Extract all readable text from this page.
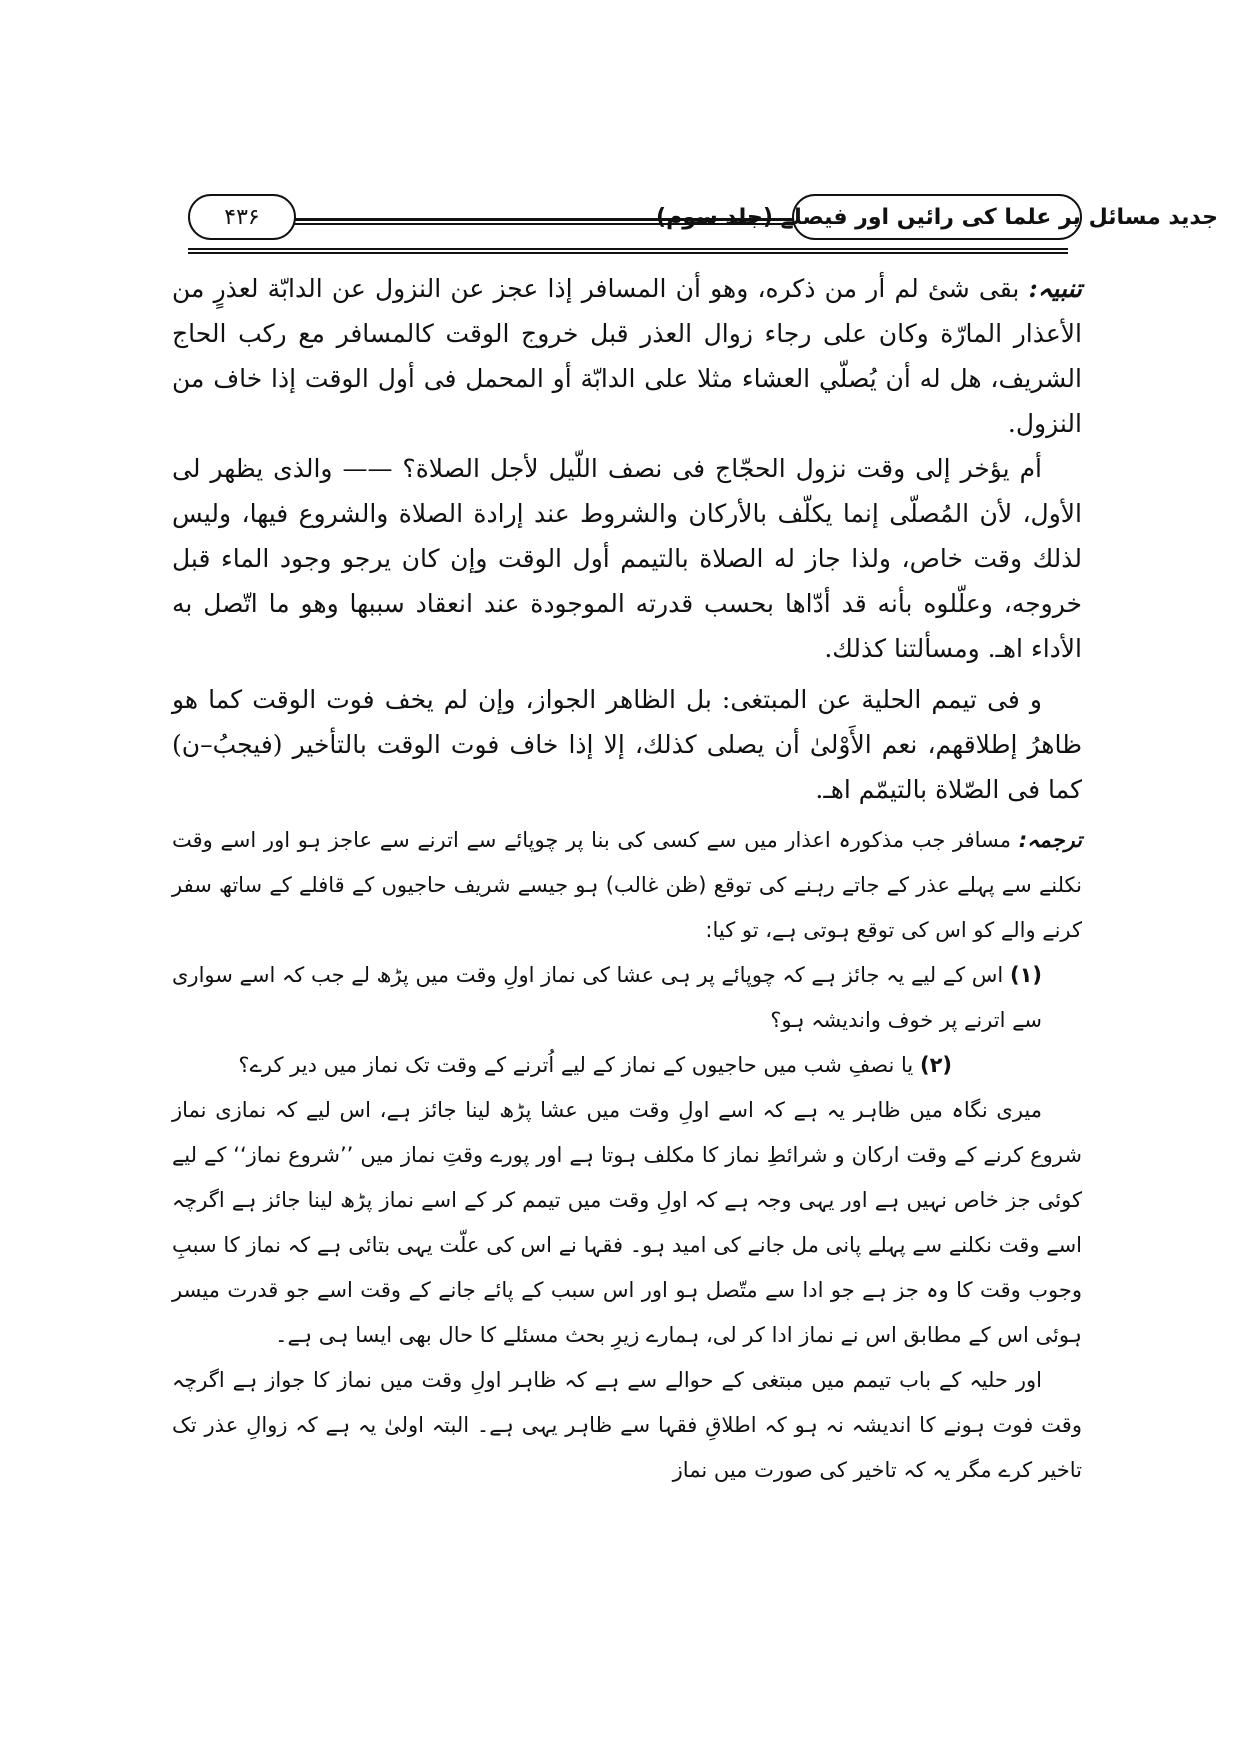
۴۳۶	جدید مسائل پر علما کی رائیں اور فیصلے (جلد سوم)

تنبیہ: بقى شئ لم أر من ذكره، وهو أن المسافر إذا عجز عن النزول عن الدابّة لعذرٍ من الأعذار المارّة وكان على رجاء زوال العذر قبل خروج الوقت كالمسافر مع ركب الحاج الشريف، هل له أن يُصلّي العشاء مثلا على الدابّة أو المحمل فى أول الوقت إذا خاف من النزول.

أم يؤخر إلى وقت نزول الحجّاج فى نصف اللّيل لأجل الصلاة؟ —— والذى يظهر لى الأول، لأن المُصلّى إنما يكلّف بالأركان والشروط عند إرادة الصلاة والشروع فيها، وليس لذلك وقت خاص، ولذا جاز له الصلاة بالتيمم أول الوقت وإن كان يرجو وجود الماء قبل خروجه، وعلّلوه بأنه قد أدّاها بحسب قدرته الموجودة عند انعقاد سببها وهو ما اتّصل به الأداء اهـ. ومسألتنا كذلك.

و فى تيمم الحلية عن المبتغى: بل الظاهر الجواز، وإن لم يخف فوت الوقت كما هو ظاهرُ إطلاقهم، نعم الأَوْلىٰ أن يصلى كذلك، إلا إذا خاف فوت الوقت بالتأخير (فيجبُ–ن) كما فى الصّلاة بالتيمّم اهـ.

ترجمہ: مسافر جب مذکورہ اعذار میں سے کسی کی بنا پر چوپائے سے اترنے سے عاجز ہو اور اسے وقت نکلنے سے پہلے عذر کے جاتے رہنے کی توقع (ظن غالب) ہو جیسے شریف حاجیوں کے قافلے کے ساتھ سفر کرنے والے کو اس کی توقع ہوتی ہے، تو کیا:

(۱) اس کے لیے یہ جائز ہے کہ چوپائے پر ہی عشا کی نماز اولِ وقت میں پڑھ لے جب کہ اسے سواری سے اترنے پر خوف واندیشہ ہو؟

(۲) یا نصفِ شب میں حاجیوں کے نماز کے لیے اُترنے کے وقت تک نماز میں دیر کرے؟

میری نگاہ میں ظاہر یہ ہے کہ اسے اولِ وقت میں عشا پڑھ لینا جائز ہے، اس لیے کہ نمازی نماز شروع کرنے کے وقت ارکان و شرائطِ نماز کا مکلف ہوتا ہے اور پورے وقتِ نماز میں ’’شروع نماز‘‘ کے لیے کوئی جز خاص نہیں ہے اور یہی وجہ ہے کہ اولِ وقت میں تیمم کر کے اسے نماز پڑھ لینا جائز ہے اگرچہ اسے وقت نکلنے سے پہلے پانی مل جانے کی امید ہو۔ فقہا نے اس کی علّت یہی بتائی ہے کہ نماز کا سببِ وجوب وقت کا وہ جز ہے جو ادا سے متّصل ہو اور اس سبب کے پائے جانے کے وقت اسے جو قدرت میسر ہوئی اس کے مطابق اس نے نماز ادا کر لی، ہمارے زیرِ بحث مسئلے کا حال بھی ایسا ہی ہے۔

اور حلیہ کے باب تیمم میں مبتغی کے حوالے سے ہے کہ ظاہر اولِ وقت میں نماز کا جواز ہے اگرچہ وقت فوت ہونے کا اندیشہ نہ ہو کہ اطلاقِ فقہا سے ظاہر یہی ہے۔ البتہ اولیٰ یہ ہے کہ زوالِ عذر تک تاخیر کرے مگر یہ کہ تاخیر کی صورت میں نماز
